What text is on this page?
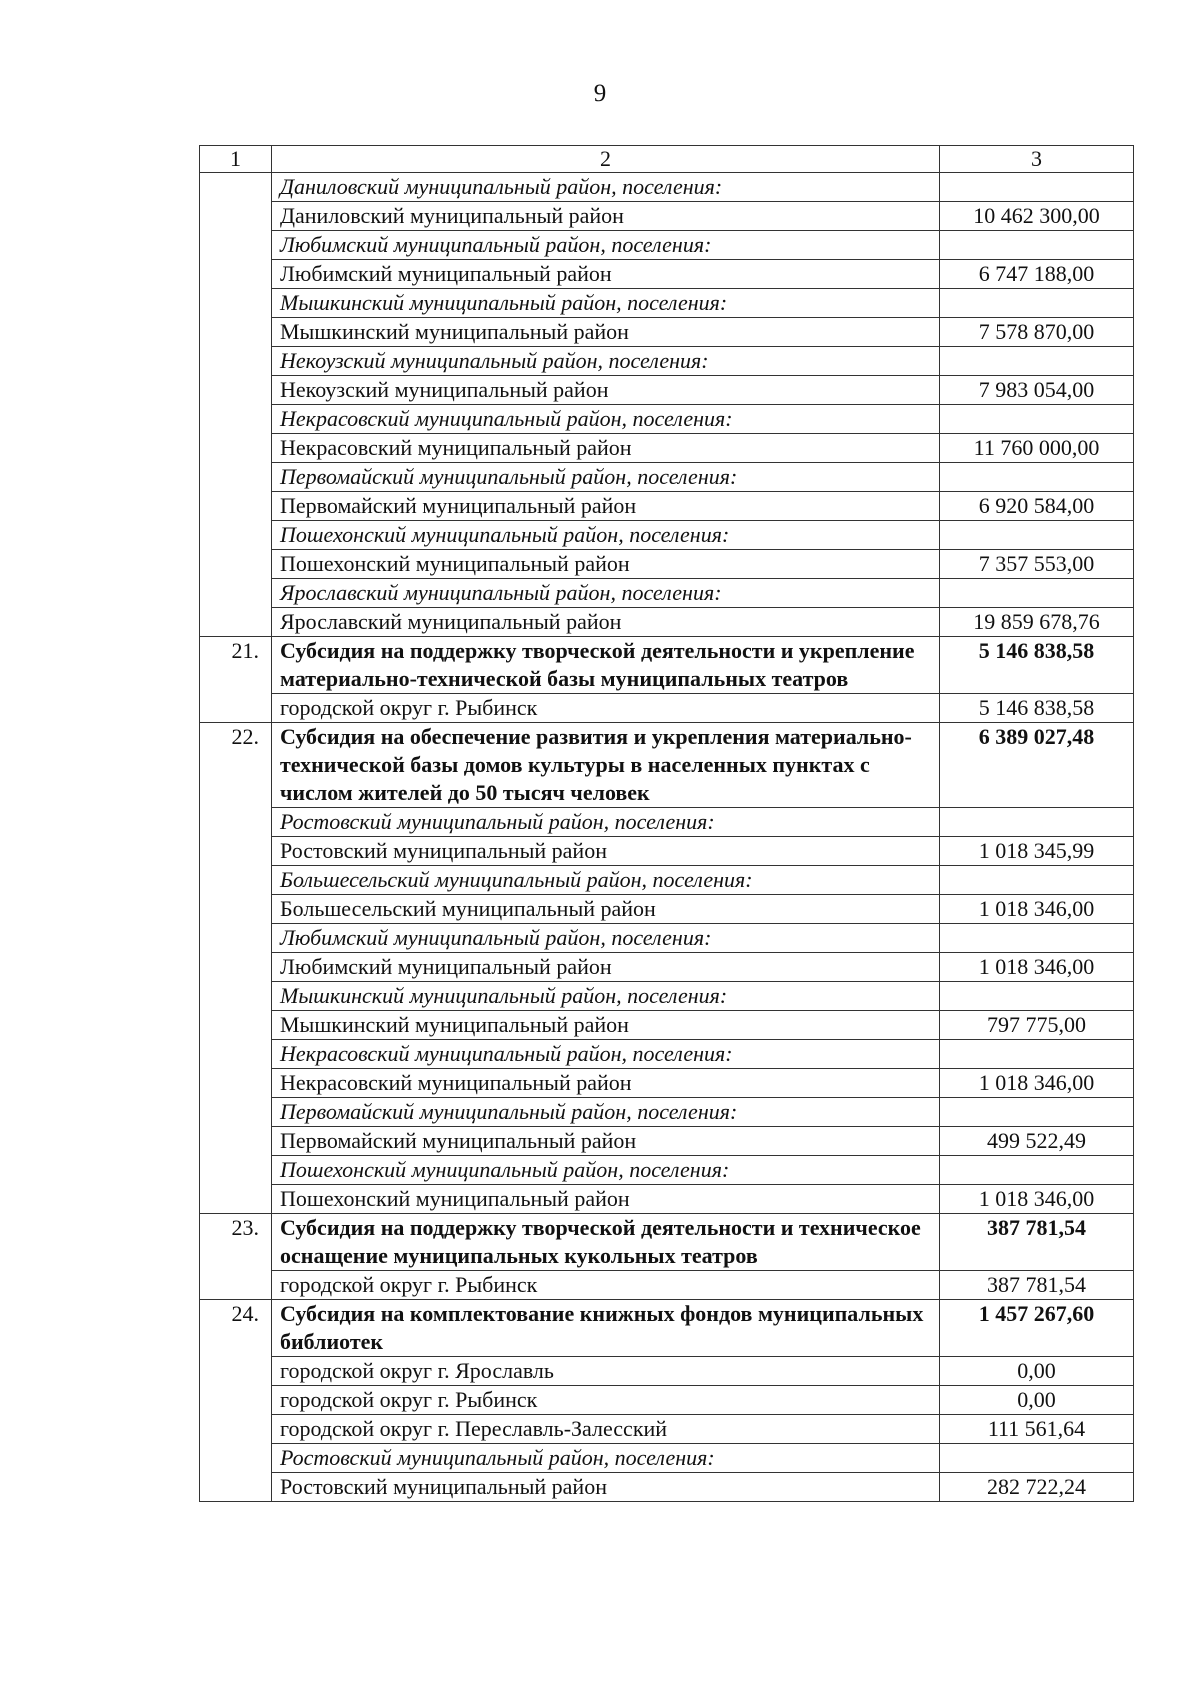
9
1	2	3
	Даниловский муниципальный район, поселения:	
	Даниловский муниципальный район	10 462 300,00
	Любимский муниципальный район, поселения:	
	Любимский муниципальный район	6 747 188,00
	Мышкинский муниципальный район, поселения:	
	Мышкинский муниципальный район	7 578 870,00
	Некоузский муниципальный район, поселения:	
	Некоузский муниципальный район	7 983 054,00
	Некрасовский муниципальный район, поселения:	
	Некрасовский муниципальный район	11 760 000,00
	Первомайский муниципальный район, поселения:	
	Первомайский муниципальный район	6 920 584,00
	Пошехонский муниципальный район, поселения:	
	Пошехонский муниципальный район	7 357 553,00
	Ярославский муниципальный район, поселения:	
	Ярославский муниципальный район	19 859 678,76
21.	Субсидия на поддержку творческой деятельности и укрепление материально-технической базы муниципальных театров	5 146 838,58
	городской округ г. Рыбинск	5 146 838,58
22.	Субсидия на обеспечение развития и укрепления материально-технической базы домов культуры в населенных пунктах с числом жителей до 50 тысяч человек	6 389 027,48
	Ростовский муниципальный район, поселения:	
	Ростовский муниципальный район	1 018 345,99
	Большесельский муниципальный район, поселения:	
	Большесельский муниципальный район	1 018 346,00
	Любимский муниципальный район, поселения:	
	Любимский муниципальный район	1 018 346,00
	Мышкинский муниципальный район, поселения:	
	Мышкинский муниципальный район	797 775,00
	Некрасовский муниципальный район, поселения:	
	Некрасовский муниципальный район	1 018 346,00
	Первомайский муниципальный район, поселения:	
	Первомайский муниципальный район	499 522,49
	Пошехонский муниципальный район, поселения:	
	Пошехонский муниципальный район	1 018 346,00
23.	Субсидия на поддержку творческой деятельности и техническое оснащение муниципальных кукольных театров	387 781,54
	городской округ г. Рыбинск	387 781,54
24.	Субсидия на комплектование книжных фондов муниципальных библиотек	1 457 267,60
	городской округ г. Ярославль	0,00
	городской округ г. Рыбинск	0,00
	городской округ г. Переславль-Залесский	111 561,64
	Ростовский муниципальный район, поселения:	
	Ростовский муниципальный район	282 722,24
